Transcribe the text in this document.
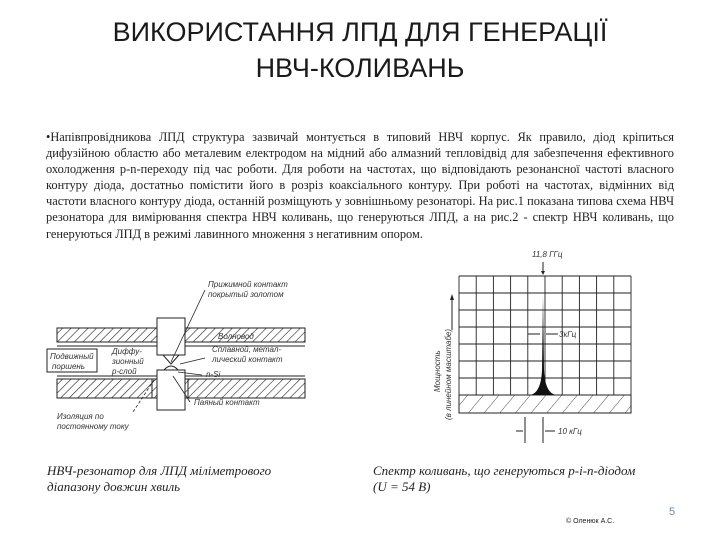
ВИКОРИСТАННЯ ЛПД ДЛЯ ГЕНЕРАЦІЇ
НВЧ-КОЛИВАНЬ
•Напівпровідникова ЛПД структура зазвичай монтується в типовий НВЧ корпус. Як правило, діод кріпиться дифузійною областю або металевим електродом на мідний або алмазний тепловідвід для забезпечення ефективного охолодження p-n-переходу під час роботи. Для роботи на частотах, що відповідають резонансної частоті власного контуру діода, достатньо помістити його в розріз коаксіального контуру. При роботі на частотах, відмінних від частоти власного контуру діода, останній розміщують у зовнішньому резонаторі. На рис.1 показана типова схема НВЧ резонатора для вимірювання спектра НВЧ коливань, що генеруються ЛПД, а на рис.2 - спектр НВЧ коливань, що генеруються ЛПД в режимі лавинного множення з негативним опором.
Прижимной контакт
покрытый золотом
Волновод
Подвижный
поршень
Диффу-
зионный
p-слой
Сплавной, метал-
лический контакт
n-Si
Паяный контакт
Изоляция по
постоянному току
11,8 ГГц
3кГц
10 кГц
Мощность (в линейном масштабе)
НВЧ-резонатор для ЛПД міліметрового
діапазону довжин хвиль
Спектр коливань, що генеруються p-i-n-діодом
(U = 54 В)
5
© Оленюк А.С.
